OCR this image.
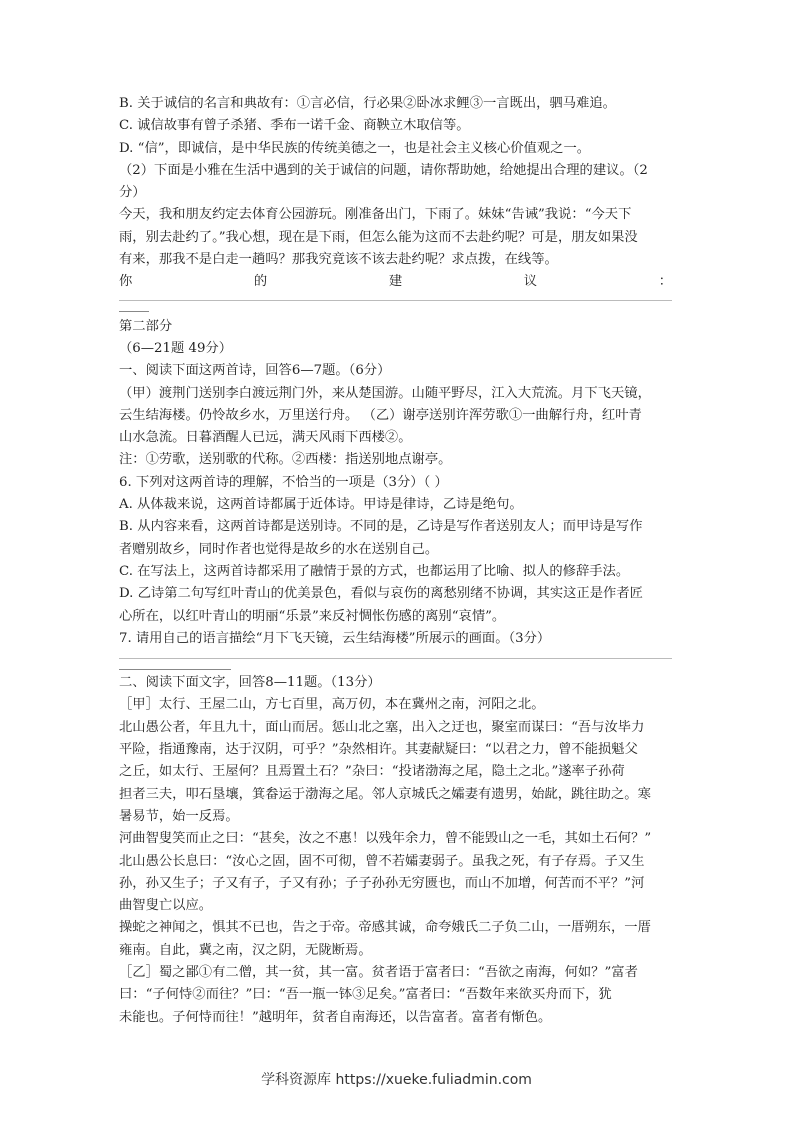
B. 关于诚信的名言和典故有：①言必信，行必果②卧冰求鲤③一言既出，驷马难追。

C. 诚信故事有曾子杀猪、季布一诺千金、商鞅立木取信等。

D. “信”，即诚信，是中华民族的传统美德之一，也是社会主义核心价值观之一。

（2）下面是小雅在生活中遇到的关于诚信的问题，请你帮助她，给她提出合理的建议。（2

分）

今天，我和朋友约定去体育公园游玩。刚准备出门，下雨了。妹妹“告诫”我说：“今天下

雨，别去赴约了。”我心想，现在是下雨，但怎么能为这而不去赴约呢？可是，朋友如果没

有来，那我不是白走一趟吗？那我究竟该不该去赴约呢？求点拨，在线等。

你	的	建	议	：

第二部分

（6—21题 49分）

一、阅读下面这两首诗，回答6—7题。（6分）

（甲）渡荆门送别李白渡远荆门外，来从楚国游。山随平野尽，江入大荒流。月下飞天镜，

云生结海楼。仍怜故乡水，万里送行舟。 （乙）谢亭送别许浑劳歌①一曲解行舟，红叶青

山水急流。日暮酒醒人已远，满天风雨下西楼②。

注：①劳歌，送别歌的代称。②西楼：指送别地点谢亭。

6. 下列对这两首诗的理解，不恰当的一项是（3分）（ ）

A. 从体裁来说，这两首诗都属于近体诗。甲诗是律诗，乙诗是绝句。

B. 从内容来看，这两首诗都是送别诗。不同的是，乙诗是写作者送别友人；而甲诗是写作

者赠别故乡，同时作者也觉得是故乡的水在送别自己。

C. 在写法上，这两首诗都采用了融情于景的方式，也都运用了比喻、拟人的修辞手法。

D. 乙诗第二句写红叶青山的优美景色，看似与哀伤的离愁别绪不协调，其实这正是作者匠

心所在，以红叶青山的明丽“乐景”来反衬惆怅伤感的离别“哀情”。

7. 请用自己的语言描绘“月下飞天镜，云生结海楼”所展示的画面。（3分）

二、阅读下面文字，回答8—11题。（13分）

［甲］太行、王屋二山，方七百里，高万仞，本在冀州之南，河阳之北。

北山愚公者，年且九十，面山而居。惩山北之塞，出入之迂也，聚室而谋曰：“吾与汝毕力

平险，指通豫南，达于汉阴，可乎？”杂然相许。其妻献疑曰：“以君之力，曾不能损魁父

之丘，如太行、王屋何？且焉置土石？”杂曰：“投诸渤海之尾，隐土之北。”遂率子孙荷

担者三夫，叩石垦壤，箕畚运于渤海之尾。邻人京城氏之孀妻有遗男，始龀，跳往助之。寒

暑易节，始一反焉。

河曲智叟笑而止之曰：“甚矣，汝之不惠！以残年余力，曾不能毁山之一毛，其如土石何？”

北山愚公长息曰：“汝心之固，固不可彻，曾不若孀妻弱子。虽我之死，有子存焉。子又生

孙，孙又生子；子又有子，子又有孙；子子孙孙无穷匮也，而山不加增，何苦而不平？”河

曲智叟亡以应。

操蛇之神闻之，惧其不已也，告之于帝。帝感其诚，命夸娥氏二子负二山，一厝朔东，一厝

雍南。自此，冀之南，汉之阴，无陇断焉。

［乙］蜀之鄙①有二僧，其一贫，其一富。贫者语于富者曰：“吾欲之南海，何如？”富者

曰：“子何恃②而往？”曰：“吾一瓶一钵③足矣。”富者曰：“吾数年来欲买舟而下，犹

未能也。子何恃而往！”越明年，贫者自南海还，以告富者。富者有惭色。

学科资源库 https://xueke.fuliadmin.com
